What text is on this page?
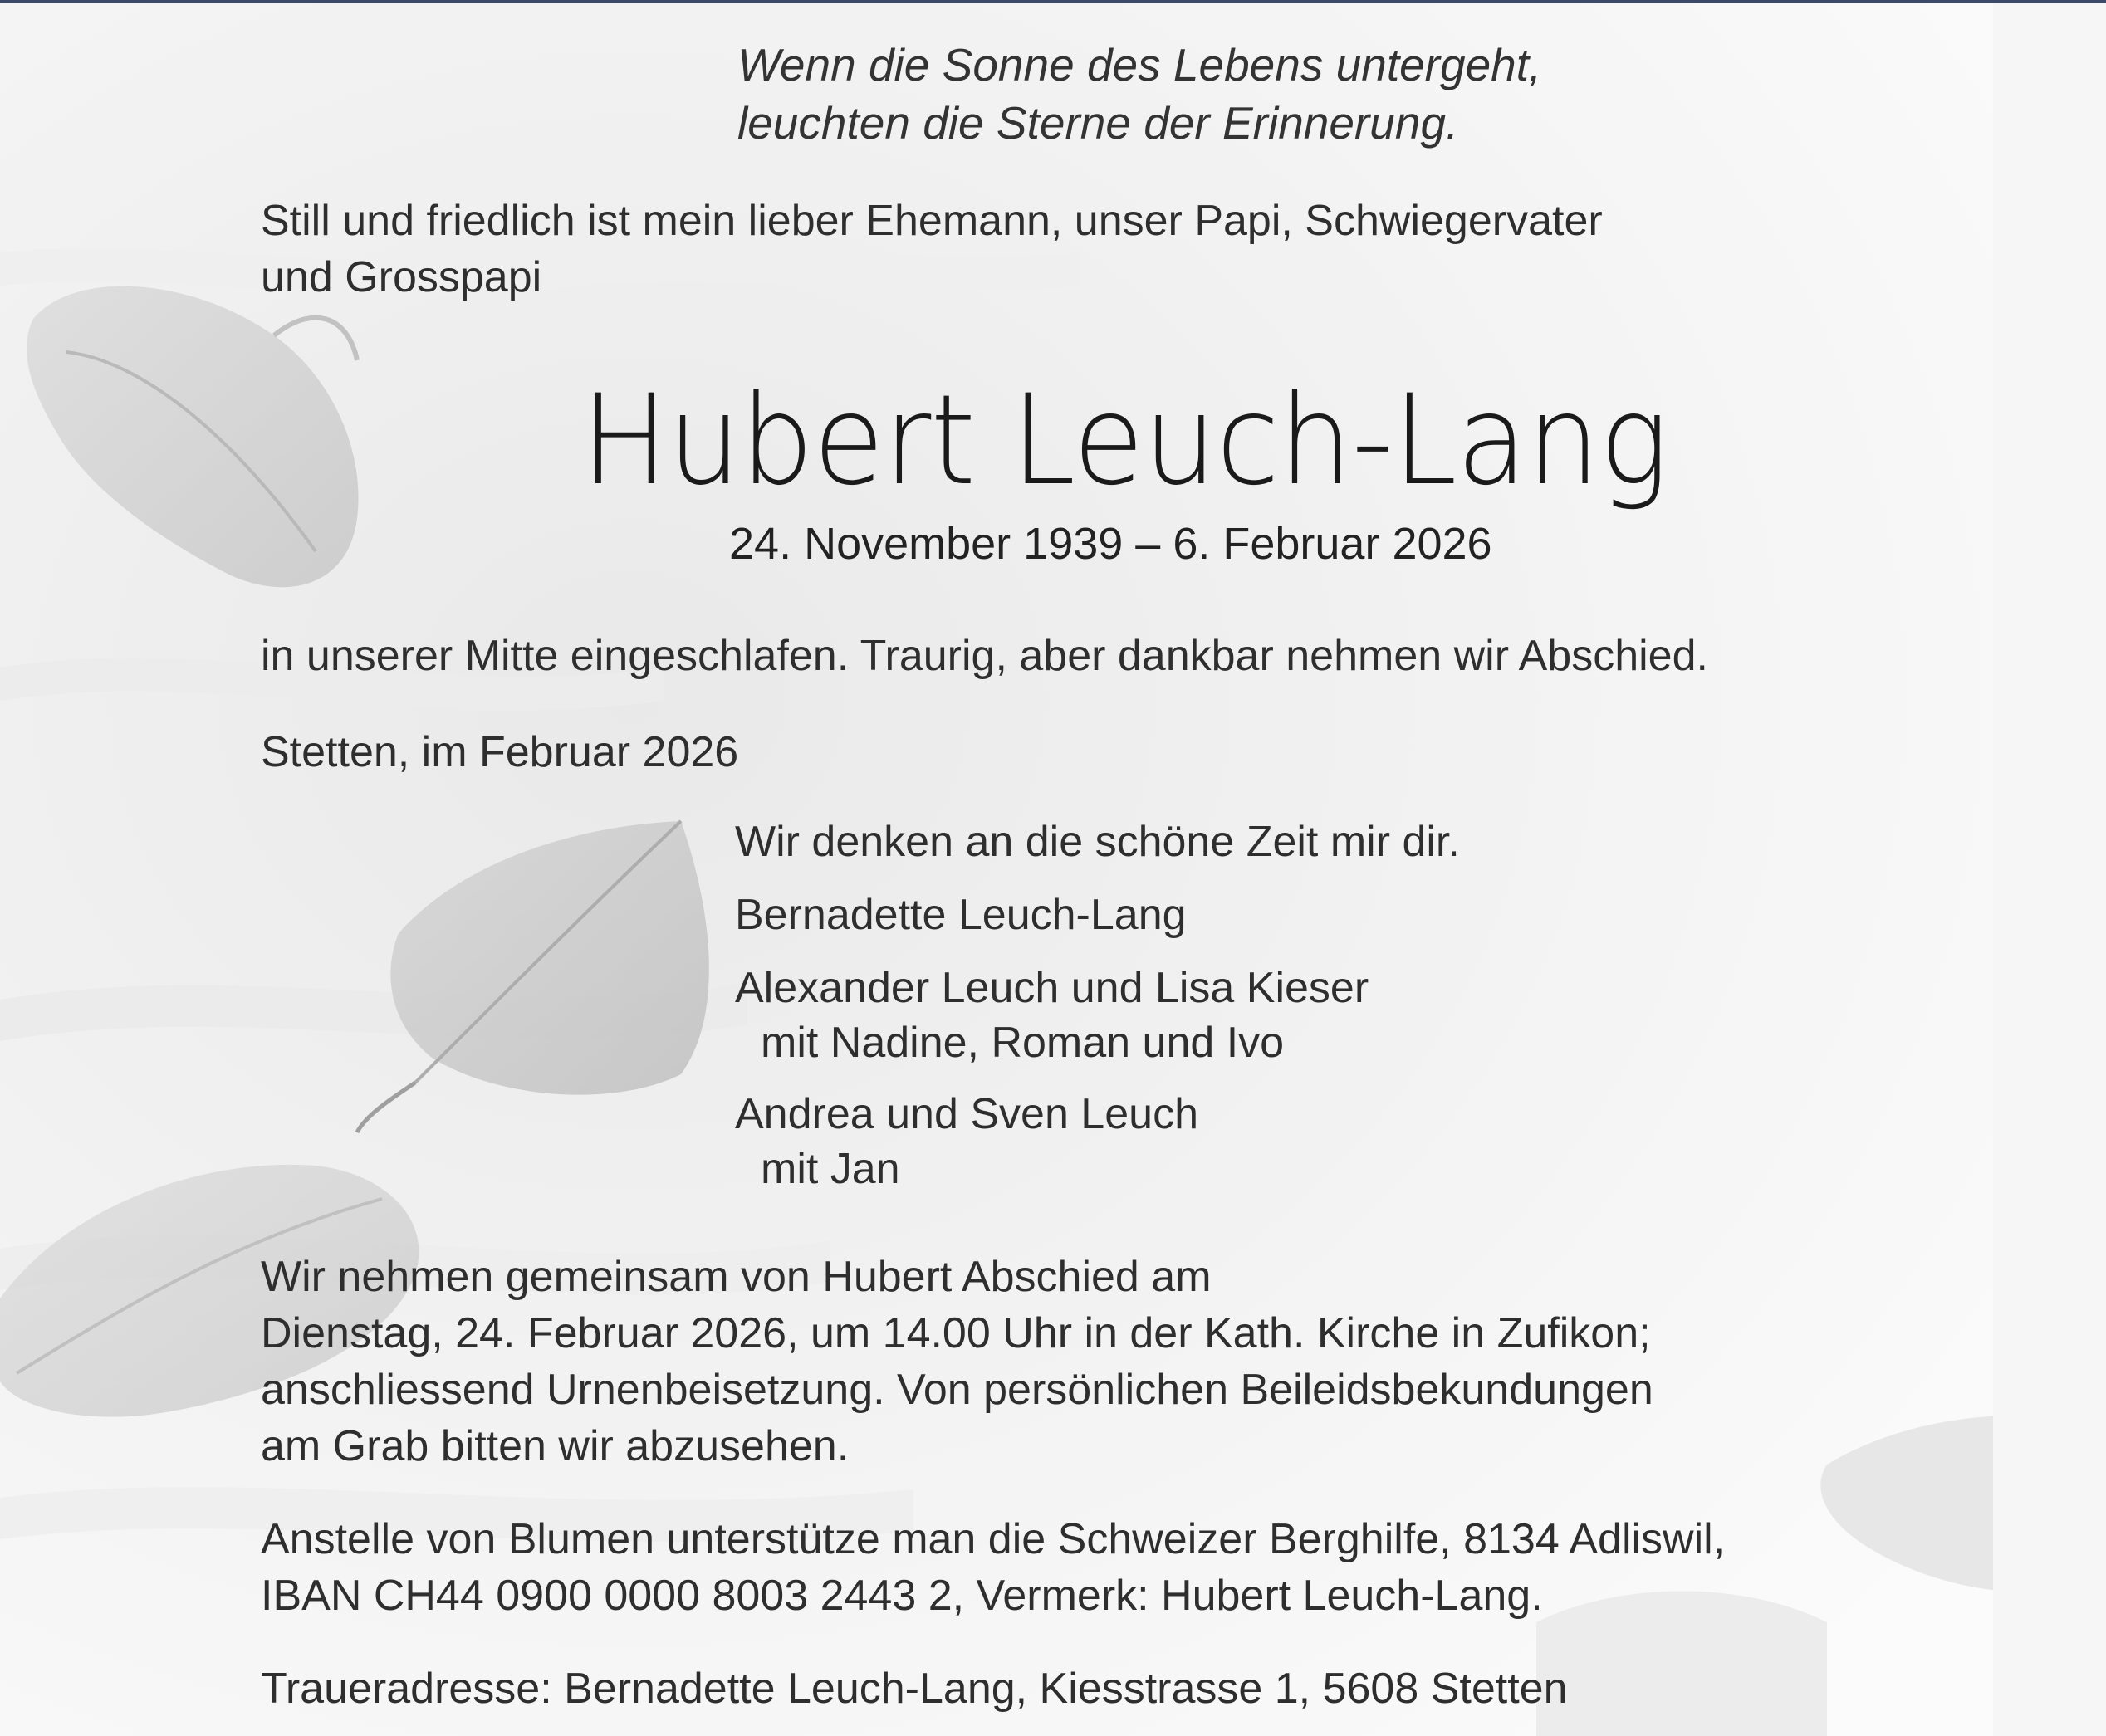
Wenn die Sonne des Lebens untergeht,

leuchten die Sterne der Erinnerung.

Still und friedlich ist mein lieber Ehemann, unser Papi, Schwiegervater

und Grosspapi

Hubert Leuch-Lang

24. November 1939 – 6. Februar 2026

in unserer Mitte eingeschlafen. Traurig, aber dankbar nehmen wir Abschied.

Stetten, im Februar 2026

Wir denken an die schöne Zeit mir dir.

Bernadette Leuch-Lang

Alexander Leuch und Lisa Kieser

mit Nadine, Roman und Ivo

Andrea und Sven Leuch

mit Jan

Wir nehmen gemeinsam von Hubert Abschied am

Dienstag, 24. Februar 2026, um 14.00 Uhr in der Kath. Kirche in Zufikon;

anschliessend Urnenbeisetzung. Von persönlichen Beileidsbekundungen

am Grab bitten wir abzusehen.

Anstelle von Blumen unterstütze man die Schweizer Berghilfe, 8134 Adliswil,

IBAN CH44 0900 0000 8003 2443 2, Vermerk: Hubert Leuch-Lang.

Traueradresse: Bernadette Leuch-Lang, Kiesstrasse 1, 5608 Stetten
